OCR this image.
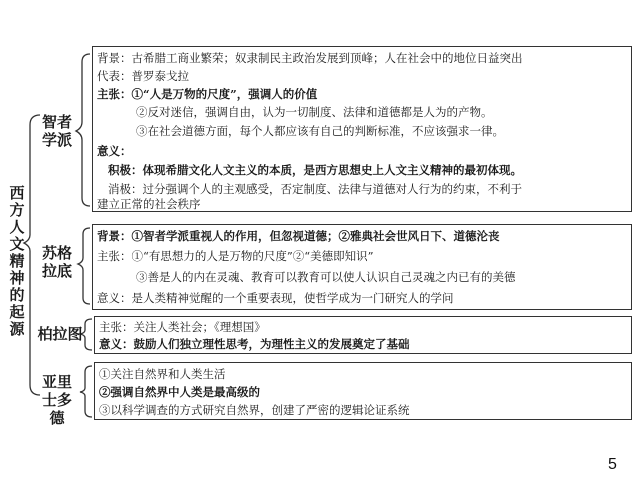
西
方
人
文
精
神
的
起
源
智者
学派
苏格
拉底
柏拉图
亚里
士多
德
背景：古希腊工商业繁荣；奴隶制民主政治发展到顶峰；人在社会中的地位日益突出
代表：普罗泰戈拉
主张：①“人是万物的尺度”，强调人的价值
②反对迷信，强调自由，认为一切制度、法律和道德都是人为的产物。
③在社会道德方面，每个人都应该有自己的判断标准，不应该强求一律。
意义：
积极：体现希腊文化人文主义的本质，是西方思想史上人文主义精神的最初体现。
消极：过分强调个人的主观感受，否定制度、法律与道德对人行为的约束，不利于
建立正常的社会秩序
背景：①智者学派重视人的作用，但忽视道德；②雅典社会世风日下、道德沦丧
主张：①“有思想力的人是万物的尺度”②“美德即知识”
③善是人的内在灵魂、教育可以教育可以使人认识自己灵魂之内已有的美德
意义：是人类精神觉醒的一个重要表现，使哲学成为一门研究人的学问
主张：关注人类社会；《理想国》
意义：鼓励人们独立理性思考，为理性主义的发展奠定了基础
①关注自然界和人类生活
②强调自然界中人类是最高级的
③以科学调查的方式研究自然界，创建了严密的逻辑论证系统
5
